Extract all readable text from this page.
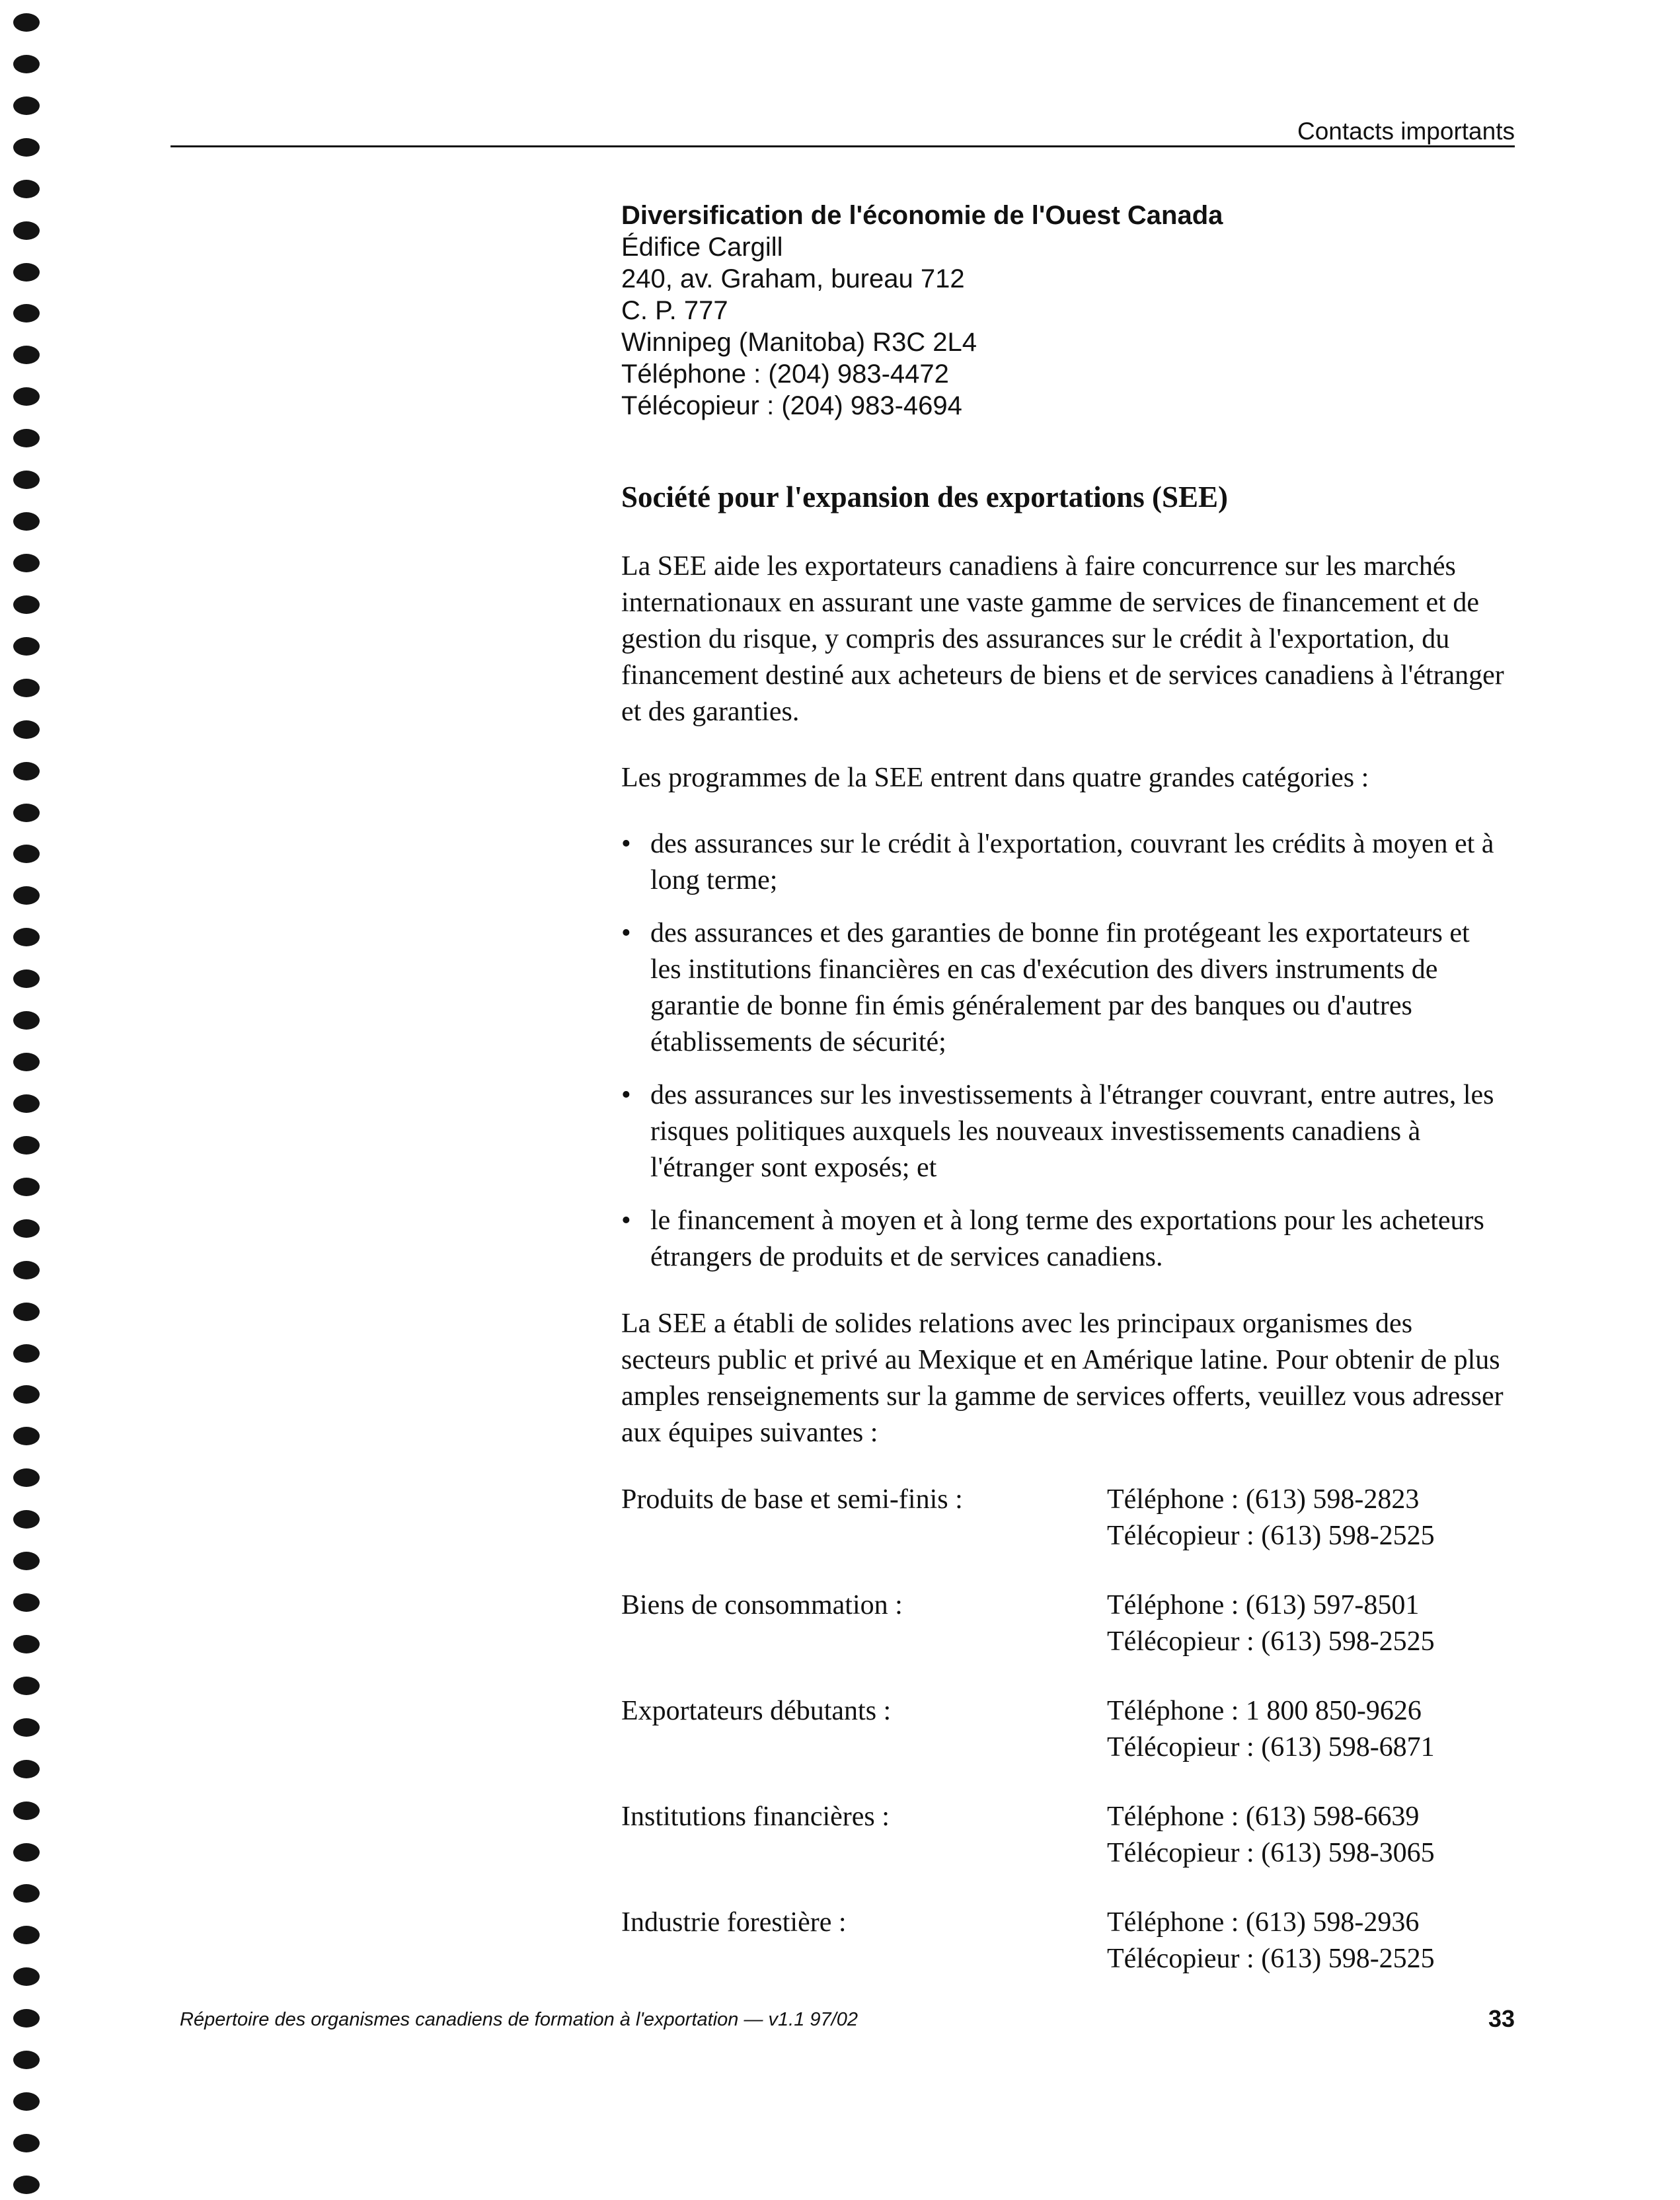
Contacts importants
Diversification de l'économie de l'Ouest Canada
Édifice Cargill
240, av. Graham, bureau 712
C. P. 777
Winnipeg (Manitoba) R3C 2L4
Téléphone : (204) 983-4472
Télécopieur : (204) 983-4694
Société pour l'expansion des exportations (SEE)

La SEE aide les exportateurs canadiens à faire concurrence sur les marchés internationaux en assurant une vaste gamme de services de financement et de gestion du risque, y compris des assurances sur le crédit à l'exportation, du financement destiné aux acheteurs de biens et de services canadiens à l'étranger et des garanties.

Les programmes de la SEE entrent dans quatre grandes catégories :

• des assurances sur le crédit à l'exportation, couvrant les crédits à moyen et à long terme;
• des assurances et des garanties de bonne fin protégeant les exportateurs et les institutions financières en cas d'exécution des divers instruments de garantie de bonne fin émis généralement par des banques ou d'autres établissements de sécurité;
• des assurances sur les investissements à l'étranger couvrant, entre autres, les risques politiques auxquels les nouveaux investissements canadiens à l'étranger sont exposés; et
• le financement à moyen et à long terme des exportations pour les acheteurs étrangers de produits et de services canadiens.

La SEE a établi de solides relations avec les principaux organismes des secteurs public et privé au Mexique et en Amérique latine. Pour obtenir de plus amples renseignements sur la gamme de services offerts, veuillez vous adresser aux équipes suivantes :

Produits de base et semi-finis :	Téléphone : (613) 598-2823
Télécopieur : (613) 598-2525
Biens de consommation :	Téléphone : (613) 597-8501
Télécopieur : (613) 598-2525
Exportateurs débutants :	Téléphone : 1 800 850-9626
Télécopieur : (613) 598-6871
Institutions financières :	Téléphone : (613) 598-6639
Télécopieur : (613) 598-3065
Industrie forestière :	Téléphone : (613) 598-2936
Télécopieur : (613) 598-2525
Répertoire des organismes canadiens de formation à l'exportation — v1.1 97/02	33
